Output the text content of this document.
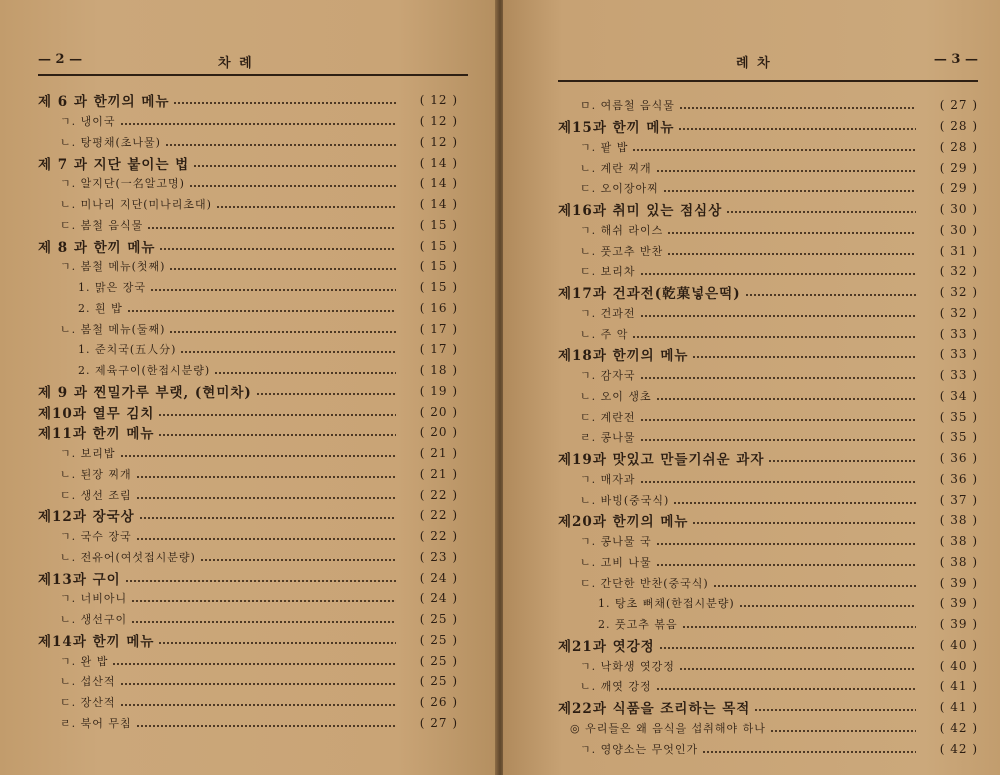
— 2 —	차 례
제 6 과 한끼의 메뉴	( 12 )
ㄱ. 냉이국	( 12 )
ㄴ. 탕평채(초나물)	( 12 )
제 7 과 지단 붙이는 법	( 14 )
ㄱ. 알지단(一名알고명)	( 14 )
ㄴ. 미나리 지단(미나리초대)	( 14 )
ㄷ. 봄철 음식물	( 15 )
제 8 과 한끼 메뉴	( 15 )
ㄱ. 봄철 메뉴(첫째)	( 15 )
1. 맑은 장국	( 15 )
2. 흰 밥	( 16 )
ㄴ. 봄철 메뉴(둘째)	( 17 )
1. 준치국(五人分)	( 17 )
2. 제육구이(한접시분량)	( 18 )
제 9 과 찐밀가루 부랫, (현미차)	( 19 )
제10과 열무 김치	( 20 )
제11과 한끼 메뉴	( 20 )
ㄱ. 보리밥	( 21 )
ㄴ. 된장 찌개	( 21 )
ㄷ. 생선 조림	( 22 )
제12과 장국상	( 22 )
ㄱ. 국수 장국	( 22 )
ㄴ. 전유어(여섯접시분량)	( 23 )
제13과 구이	( 24 )
ㄱ. 너비아니	( 24 )
ㄴ. 생선구이	( 25 )
제14과 한끼 메뉴	( 25 )
ㄱ. 완 밥	( 25 )
ㄴ. 섭산적	( 25 )
ㄷ. 장산적	( 26 )
ㄹ. 북어 무침	( 27 )
례 차	— 3 —
ㅁ. 여름철 음식물	( 27 )
제15과 한끼 메뉴	( 28 )
ㄱ. 팥 밥	( 28 )
ㄴ. 계란 찌개	( 29 )
ㄷ. 오이장아찌	( 29 )
제16과 취미 있는 점심상	( 30 )
ㄱ. 해쉬 라이스	( 30 )
ㄴ. 풋고추 반찬	( 31 )
ㄷ. 보리차	( 32 )
제17과 건과전(乾菓넣은떡)	( 32 )
ㄱ. 건과전	( 32 )
ㄴ. 주 악	( 33 )
제18과 한끼의 메뉴	( 33 )
ㄱ. 감자국	( 33 )
ㄴ. 오이 생초	( 34 )
ㄷ. 계란전	( 35 )
ㄹ. 콩나물	( 35 )
제19과 맛있고 만들기쉬운 과자	( 36 )
ㄱ. 매자과	( 36 )
ㄴ. 바빙(중국식)	( 37 )
제20과 한끼의 메뉴	( 38 )
ㄱ. 콩나물 국	( 38 )
ㄴ. 고비 나물	( 38 )
ㄷ. 간단한 반찬(중국식)	( 39 )
1. 탕초 뻐채(한접시분량)	( 39 )
2. 풋고추 볶음	( 39 )
제21과 엿강정	( 40 )
ㄱ. 낙화생 엿강정	( 40 )
ㄴ. 깨엿 강정	( 41 )
제22과 식품을 조리하는 목적	( 41 )
◎ 우리들은 왜 음식을 섭취해야 하나	( 42 )
ㄱ. 영양소는 무엇인가	( 42 )
